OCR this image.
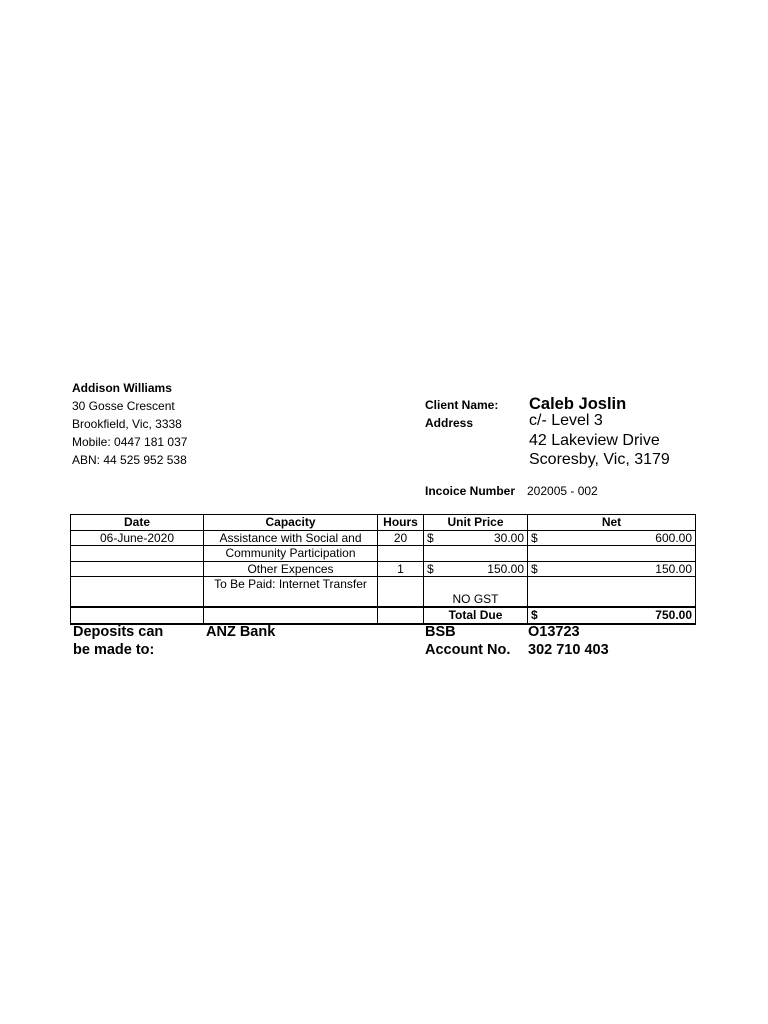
Addison Williams
30 Gosse Crescent
Brookfield, Vic, 3338
Mobile: 0447 181 037
ABN: 44 525 952 538
Client Name: Caleb Joslin
Address	c/- Level 3
42 Lakeview Drive
Scoresby, Vic, 3179
Incoice Number 202005 - 002
Date	Capacity	Hours	Unit Price	Net
06-June-2020	Assistance with Social and	20	$ 30.00	$ 600.00

	Community Participation		

	Other Expences	1	$ 150.00	$ 150.00

	To Be Paid: Internet Transfer		

			NO GST	
			Total Due	$ 750.00
Deposits can
be made to:
ANZ Bank	BSB	O13723
Account No. 302 710 403
